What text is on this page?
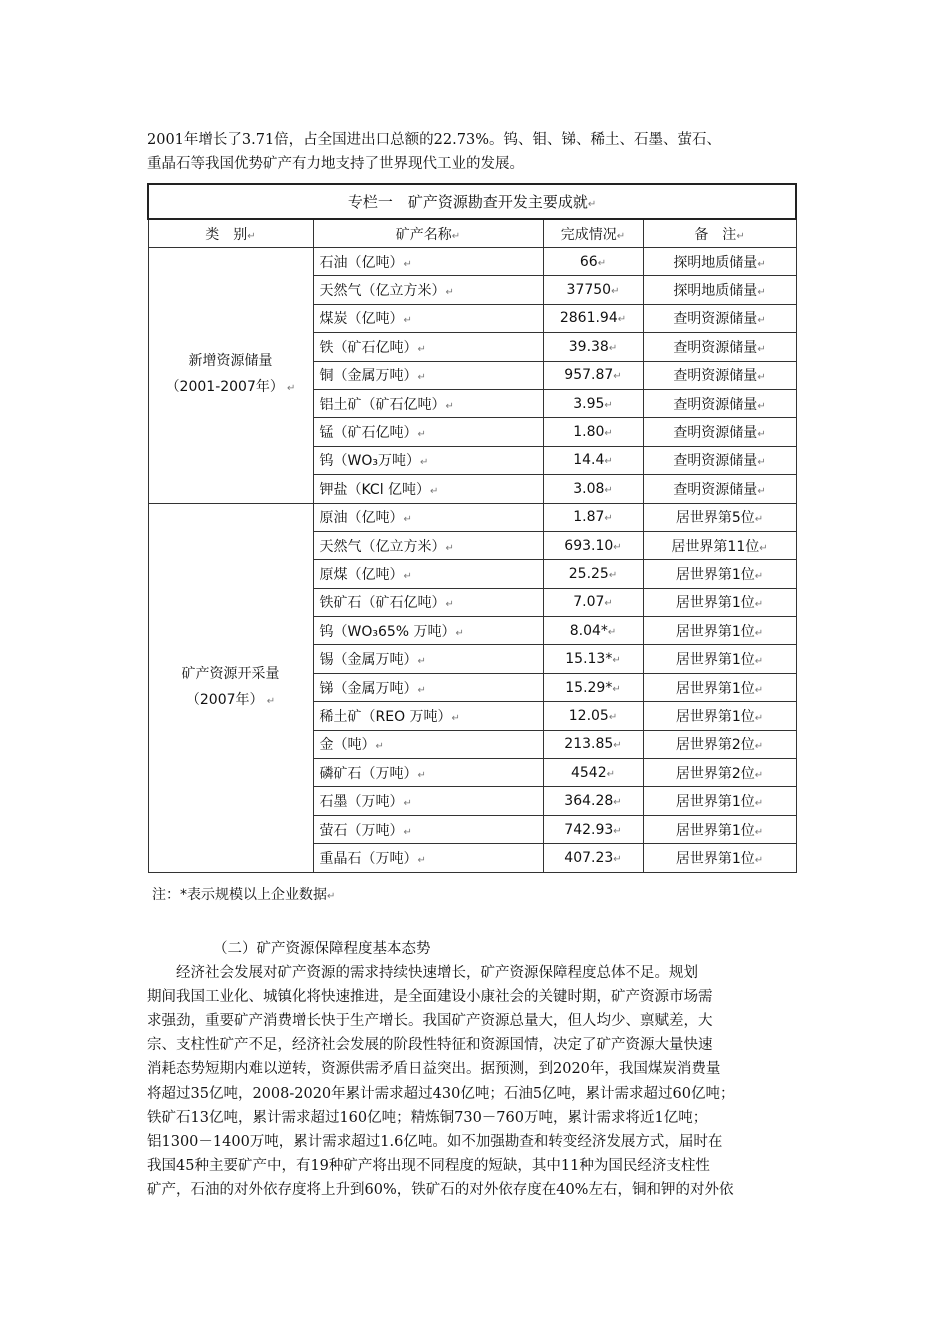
2001年增长了3.71倍，占全国进出口总额的22.73%。钨、钼、锑、稀土、石墨、萤石、

重晶石等我国优势矿产有力地支持了世界现代工业的发展。

专栏一　矿产资源勘查开发主要成就↵			
类　别↵	矿产名称↵	完成情况↵	备　注↵

新增资源储量
（2001-2007年） ↵	石油（亿吨）↵	66↵	探明地质储量↵
	天然气（亿立方米）↵	37750↵	探明地质储量↵
	煤炭（亿吨）↵	2861.94↵	查明资源储量↵
	铁（矿石亿吨）↵	39.38↵	查明资源储量↵
	铜（金属万吨）↵	957.87↵	查明资源储量↵
	铝土矿（矿石亿吨）↵	3.95↵	查明资源储量↵
	锰（矿石亿吨）↵	1.80↵	查明资源储量↵
	钨（WO₃万吨）↵	14.4↵	查明资源储量↵
	钾盐（KCl 亿吨）↵	3.08↵	查明资源储量↵

矿产资源开采量
（2007年） ↵	原油（亿吨）↵	1.87↵	居世界第5位↵
	天然气（亿立方米）↵	693.10↵	居世界第11位↵
	原煤（亿吨）↵	25.25↵	居世界第1位↵
	铁矿石（矿石亿吨）↵	7.07↵	居世界第1位↵
	钨（WO₃65% 万吨）↵	8.04*↵	居世界第1位↵
	锡（金属万吨）↵	15.13*↵	居世界第1位↵
	锑（金属万吨）↵	15.29*↵	居世界第1位↵
	稀土矿（REO 万吨）↵	12.05↵	居世界第1位↵
	金（吨）↵	213.85↵	居世界第2位↵
	磷矿石（万吨）↵	4542↵	居世界第2位↵
	石墨（万吨）↵	364.28↵	居世界第1位↵
	萤石（万吨）↵	742.93↵	居世界第1位↵
	重晶石（万吨）↵	407.23↵	居世界第1位↵
注：*表示规模以上企业数据↵
（二）矿产资源保障程度基本态势

　　经济社会发展对矿产资源的需求持续快速增长，矿产资源保障程度总体不足。规划

期间我国工业化、城镇化将快速推进，是全面建设小康社会的关键时期，矿产资源市场需

求强劲，重要矿产消费增长快于生产增长。我国矿产资源总量大，但人均少、禀赋差，大

宗、支柱性矿产不足，经济社会发展的阶段性特征和资源国情，决定了矿产资源大量快速

消耗态势短期内难以逆转，资源供需矛盾日益突出。据预测，到2020年，我国煤炭消费量

将超过35亿吨，2008-2020年累计需求超过430亿吨；石油5亿吨，累计需求超过60亿吨；

铁矿石13亿吨，累计需求超过160亿吨；精炼铜730－760万吨，累计需求将近1亿吨；

铝1300－1400万吨，累计需求超过1.6亿吨。如不加强勘查和转变经济发展方式，届时在

我国45种主要矿产中，有19种矿产将出现不同程度的短缺，其中11种为国民经济支柱性

矿产，石油的对外依存度将上升到60%，铁矿石的对外依存度在40%左右，铜和钾的对外依
